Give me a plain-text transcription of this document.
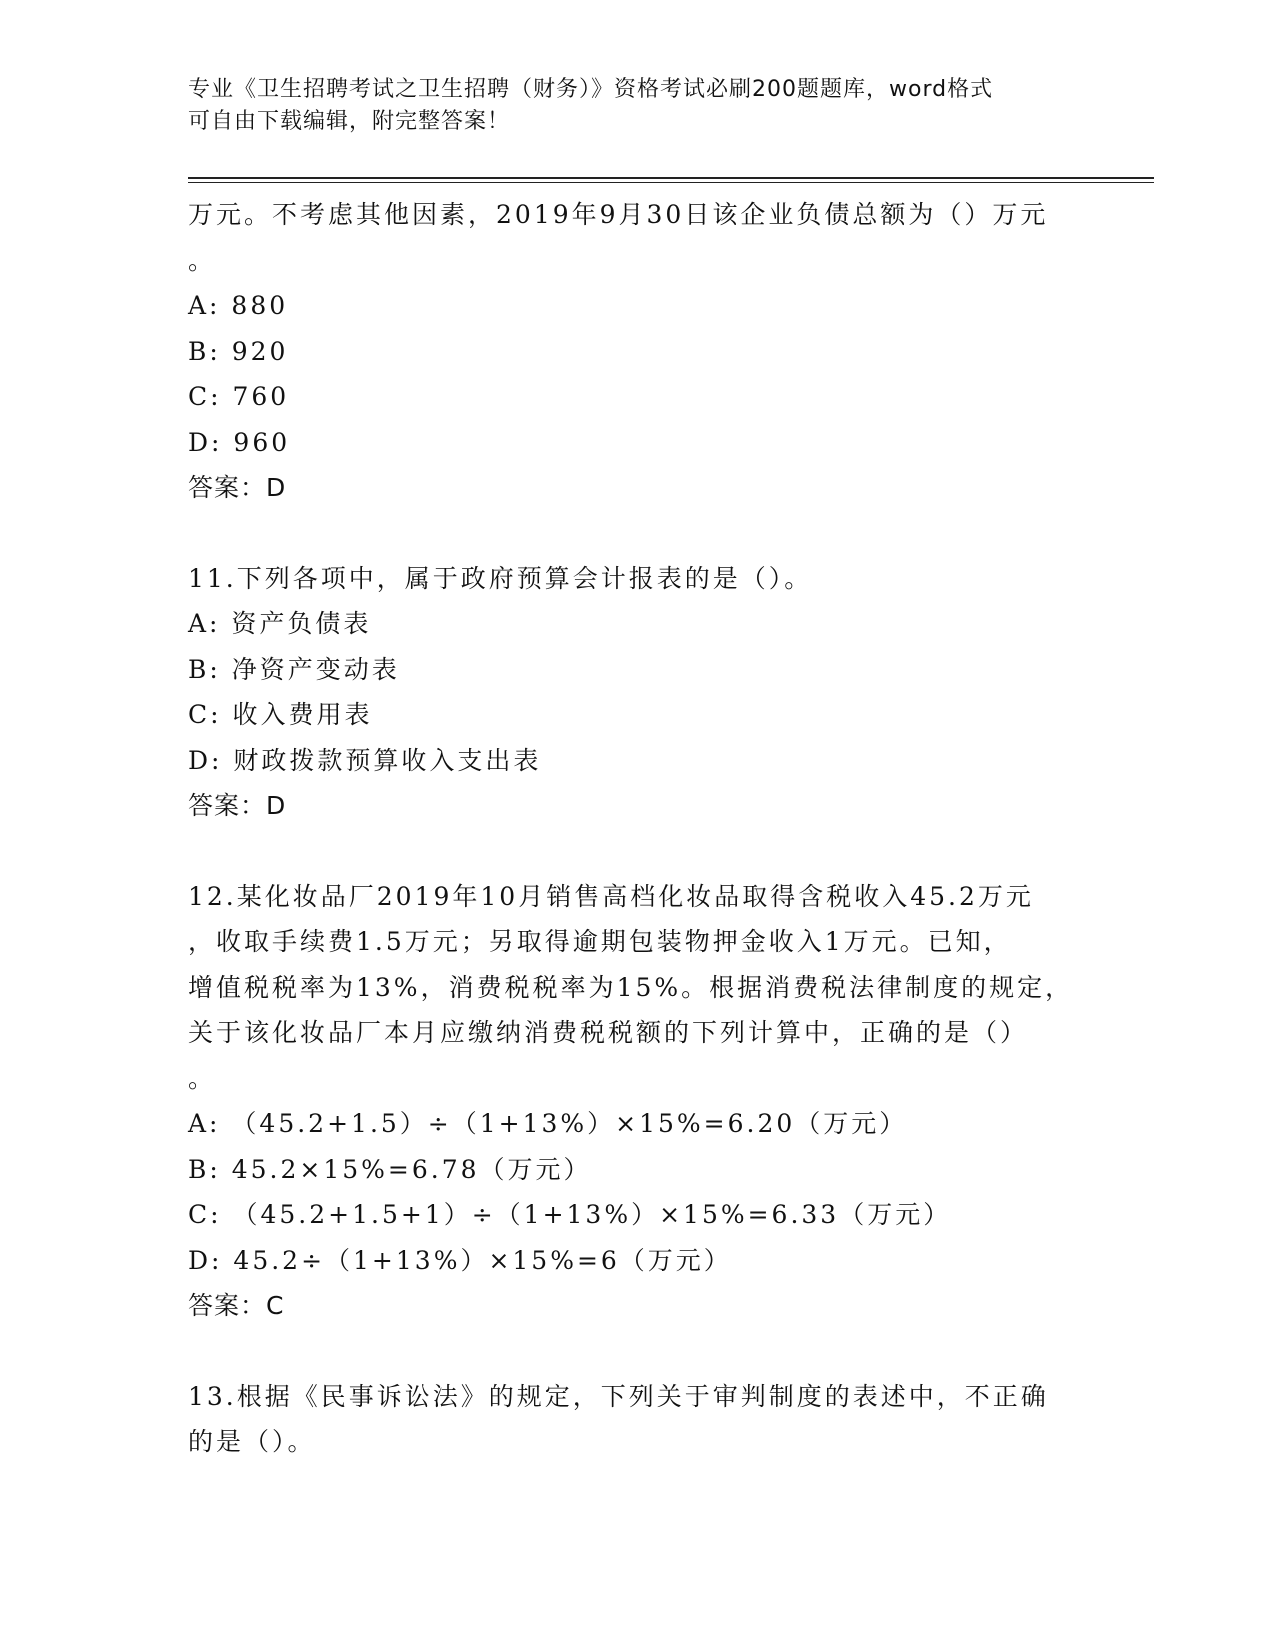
专业《卫生招聘考试之卫生招聘（财务）》资格考试必刷200题题库，word格式
可自由下载编辑，附完整答案！
万元。不考虑其他因素，2019年9月30日该企业负债总额为（）万元
。
A: 880
B: 920
C: 760
D: 960
答案：D
11.下列各项中，属于政府预算会计报表的是（）。
A: 资产负债表
B: 净资产变动表
C: 收入费用表
D: 财政拨款预算收入支出表
答案：D
12.某化妆品厂2019年10月销售高档化妆品取得含税收入45.2万元
，收取手续费1.5万元；另取得逾期包装物押金收入1万元。已知，
增值税税率为13%，消费税税率为15%。根据消费税法律制度的规定，
关于该化妆品厂本月应缴纳消费税税额的下列计算中，正确的是（）
。
A: （45.2+1.5）÷（1+13%）×15%=6.20（万元）
B: 45.2×15%=6.78（万元）
C: （45.2+1.5+1）÷（1+13%）×15%=6.33（万元）
D: 45.2÷（1+13%）×15%=6（万元）
答案：C
13.根据《民事诉讼法》的规定，下列关于审判制度的表述中，不正确
的是（）。
